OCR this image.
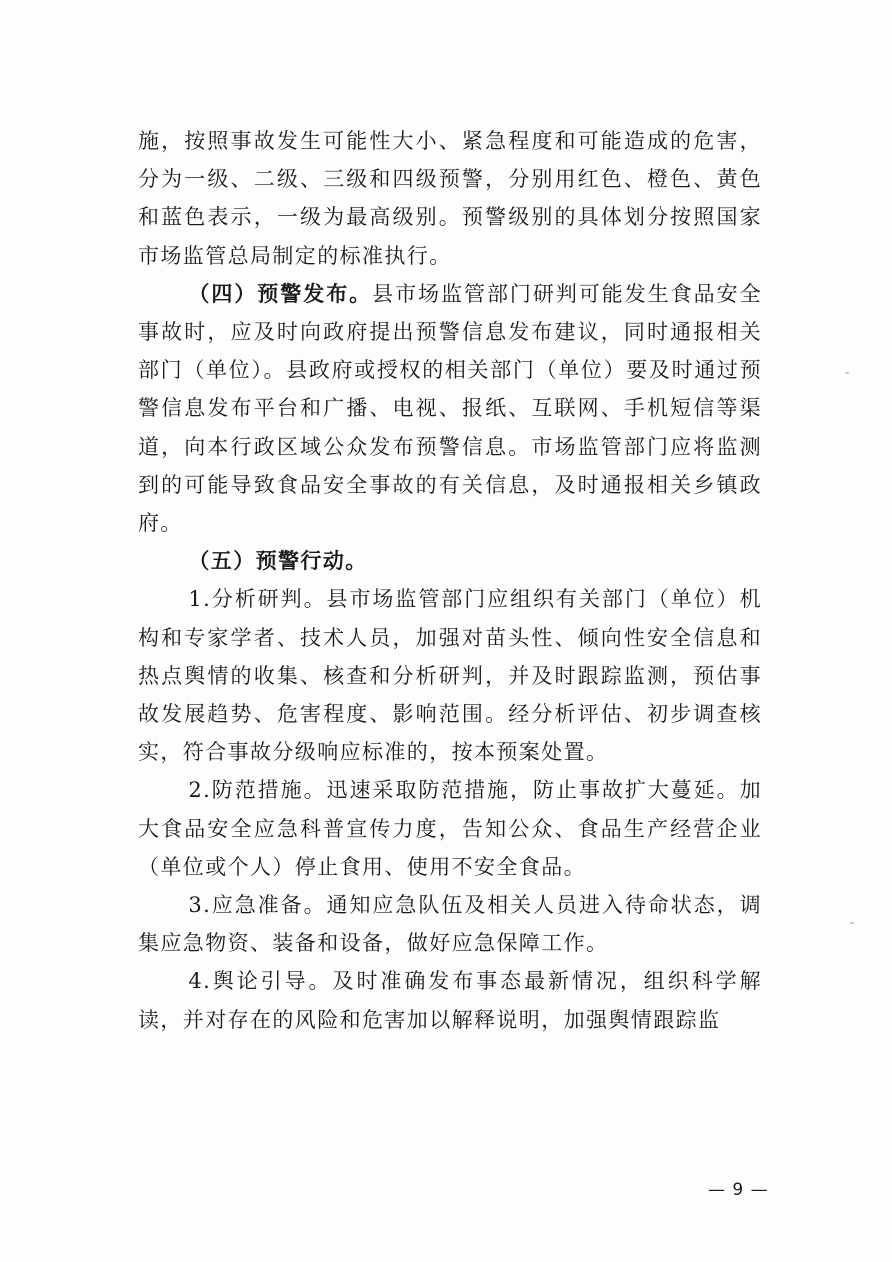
施，按照事故发生可能性大小、紧急程度和可能造成的危害，分为一级、二级、三级和四级预警，分别用红色、橙色、黄色和蓝色表示，一级为最高级别。预警级别的具体划分按照国家市场监管总局制定的标准执行。

（四）预警发布。县市场监管部门研判可能发生食品安全事故时，应及时向政府提出预警信息发布建议，同时通报相关部门（单位）。县政府或授权的相关部门（单位）要及时通过预警信息发布平台和广播、电视、报纸、互联网、手机短信等渠道，向本行政区域公众发布预警信息。市场监管部门应将监测到的可能导致食品安全事故的有关信息，及时通报相关乡镇政府。

（五）预警行动。

1.分析研判。县市场监管部门应组织有关部门（单位）机构和专家学者、技术人员，加强对苗头性、倾向性安全信息和热点舆情的收集、核查和分析研判，并及时跟踪监测，预估事故发展趋势、危害程度、影响范围。经分析评估、初步调查核实，符合事故分级响应标准的，按本预案处置。

2.防范措施。迅速采取防范措施，防止事故扩大蔓延。加大食品安全应急科普宣传力度，告知公众、食品生产经营企业（单位或个人）停止食用、使用不安全食品。

3.应急准备。通知应急队伍及相关人员进入待命状态，调集应急物资、装备和设备，做好应急保障工作。

4.舆论引导。及时准确发布事态最新情况，组织科学解读，并对存在的风险和危害加以解释说明，加强舆情跟踪监

— 9 —
